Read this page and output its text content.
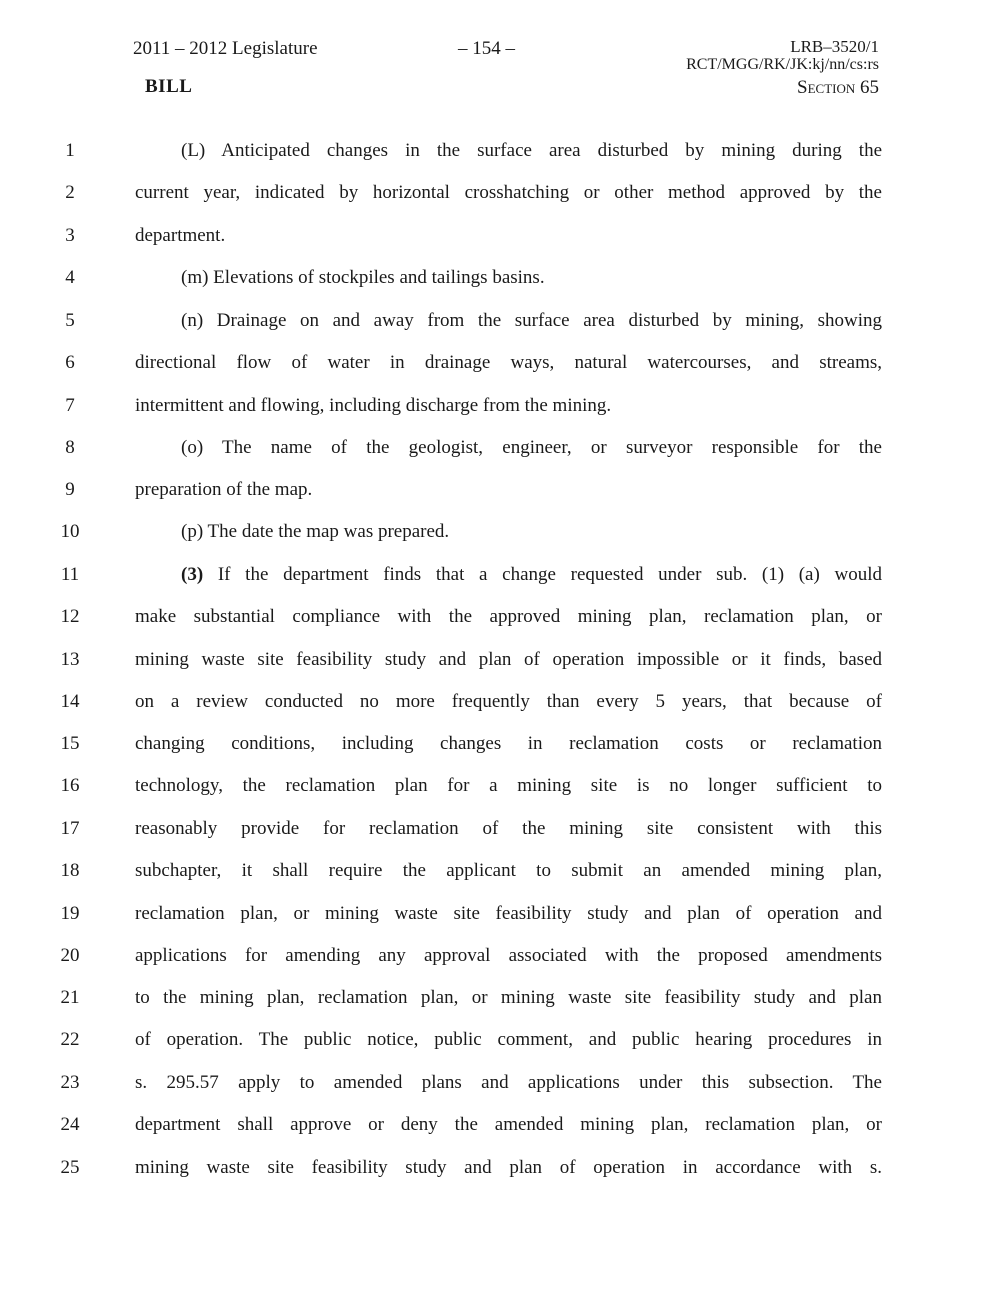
2011 – 2012 Legislature	– 154 –
BILL
LRB–3520/1
RCT/MGG/RK/JK:kj/nn/cs:rs
Section 65
1	(L) Anticipated changes in the surface area disturbed by mining during the
2	current year, indicated by horizontal crosshatching or other method approved by the
3	department.
4	(m) Elevations of stockpiles and tailings basins.
5	(n) Drainage on and away from the surface area disturbed by mining, showing
6	directional flow of water in drainage ways, natural watercourses, and streams,
7	intermittent and flowing, including discharge from the mining.
8	(o) The name of the geologist, engineer, or surveyor responsible for the
9	preparation of the map.
10	(p) The date the map was prepared.
11	(3) If the department finds that a change requested under sub. (1) (a) would
12	make substantial compliance with the approved mining plan, reclamation plan, or
13	mining waste site feasibility study and plan of operation impossible or it finds, based
14	on a review conducted no more frequently than every 5 years, that because of
15	changing conditions, including changes in reclamation costs or reclamation
16	technology, the reclamation plan for a mining site is no longer sufficient to
17	reasonably provide for reclamation of the mining site consistent with this
18	subchapter, it shall require the applicant to submit an amended mining plan,
19	reclamation plan, or mining waste site feasibility study and plan of operation and
20	applications for amending any approval associated with the proposed amendments
21	to the mining plan, reclamation plan, or mining waste site feasibility study and plan
22	of operation. The public notice, public comment, and public hearing procedures in
23	s. 295.57 apply to amended plans and applications under this subsection. The
24	department shall approve or deny the amended mining plan, reclamation plan, or
25	mining waste site feasibility study and plan of operation in accordance with s.
